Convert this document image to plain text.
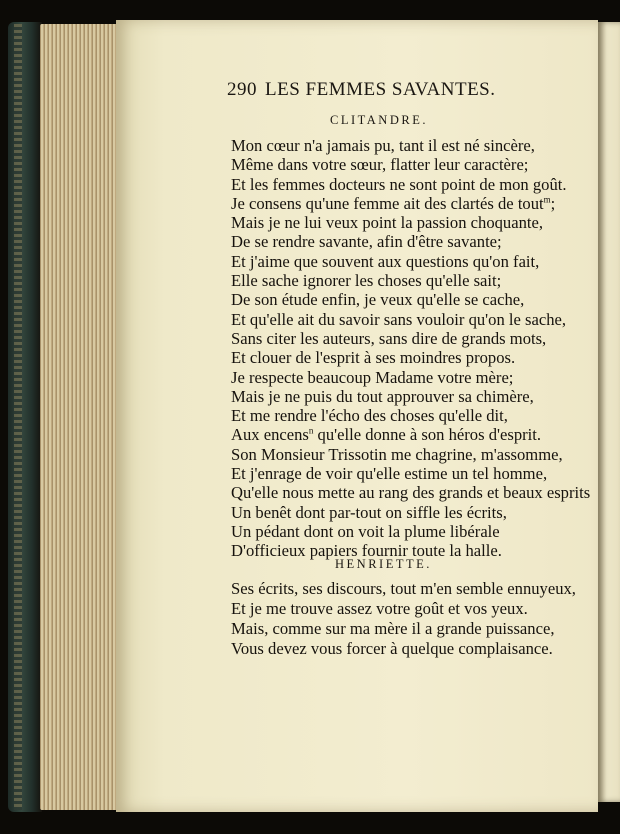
290 LES FEMMES SAVANTES.
CLITANDRE.
Mon cœur n'a jamais pu, tant il est né sincère,
Même dans votre sœur, flatter leur caractère;
Et les femmes docteurs ne sont point de mon goût.
Je consens qu'une femme ait des clartés de tout$^m$;
Mais je ne lui veux point la passion choquante,
De se rendre savante, afin d'être savante;
Et j'aime que souvent aux questions qu'on fait,
Elle sache ignorer les choses qu'elle sait;
De son étude enfin, je veux qu'elle se cache,
Et qu'elle ait du savoir sans vouloir qu'on le sache,
Sans citer les auteurs, sans dire de grands mots,
Et clouer de l'esprit à ses moindres propos.
Je respecte beaucoup Madame votre mère;
Mais je ne puis du tout approuver sa chimère,
Et me rendre l'écho des choses qu'elle dit,
Aux encens$^n$ qu'elle donne à son héros d'esprit.
Son Monsieur Trissotin me chagrine, m'assomme,
Et j'enrage de voir qu'elle estime un tel homme,
Qu'elle nous mette au rang des grands et beaux esprits
Un benêt dont par-tout on siffle les écrits,
Un pédant dont on voit la plume libérale
D'officieux papiers fournir toute la halle.
HENRIETTE.
Ses écrits, ses discours, tout m'en semble ennuyeux,
Et je me trouve assez votre goût et vos yeux.
Mais, comme sur ma mère il a grande puissance,
Vous devez vous forcer à quelque complaisance.
